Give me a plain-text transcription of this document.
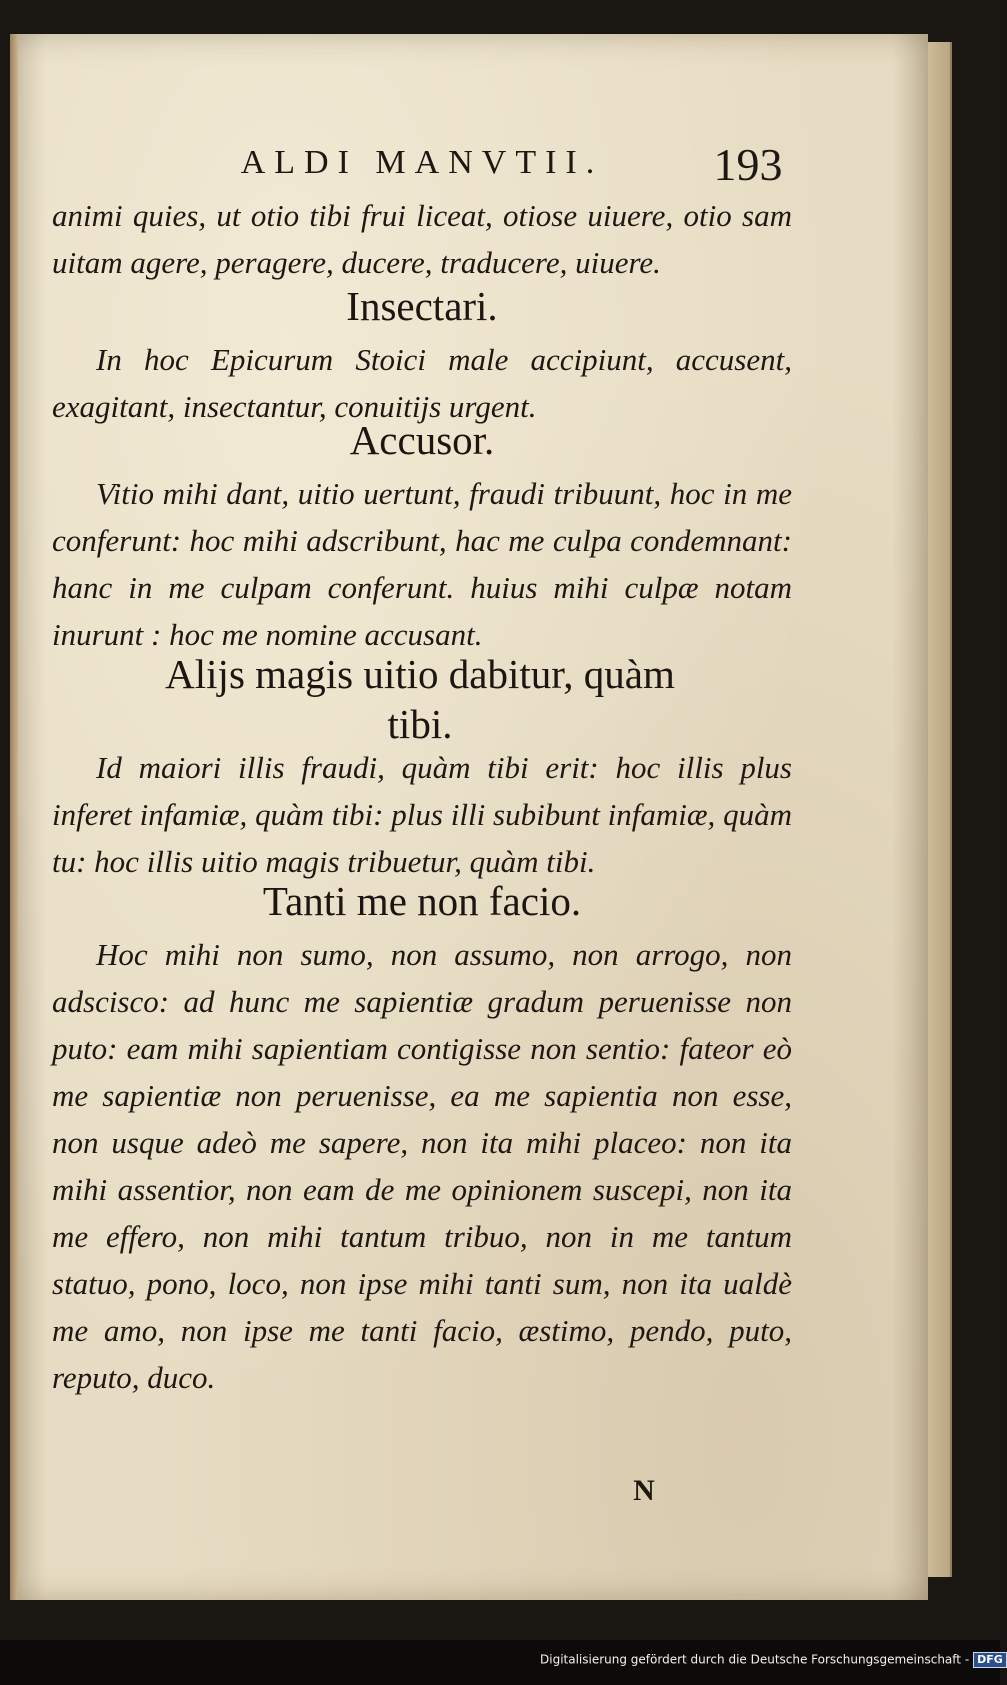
ALDI MANVTII.	193
animi quies, ut otio tibi frui liceat, otiose uiuere, otio sam uitam agere, peragere, ducere, traducere, uiuere.
Insectari.
In hoc Epicurum Stoici male accipiunt, accusent, exagitant, insectantur, conuitijs urgent.
Accusor.
Vitio mihi dant, uitio uertunt, fraudi tribuunt, hoc in me conferunt: hoc mihi adscribunt, hac me culpa condemnant: hanc in me culpam conferunt. huius mihi culpæ notam inurunt : hoc me nomine accusant.
Alijs magis uitio dabitur, quàm tibi.
Id maiori illis fraudi, quàm tibi erit: hoc illis plus inferet infamiæ, quàm tibi: plus illi subibunt infamiæ, quàm tu: hoc illis uitio magis tribuetur, quàm tibi.
Tanti me non facio.
Hoc mihi non sumo, non assumo, non arrogo, non adscisco: ad hunc me sapientiæ gradum peruenisse non puto: eam mihi sapientiam contigisse non sentio: fateor eò me sapientiæ non peruenisse, ea me sapientia non esse, non usque adeò me sapere, non ita mihi placeo: non ita mihi assentior, non eam de me opinionem suscepi, non ita me effero, non mihi tantum tribuo, non in me tantum statuo, pono, loco, non ipse mihi tanti sum, non ita ualdè me amo, non ipse me tanti facio, æstimo, pendo, puto, reputo, duco.
N
Digitalisierung gefördert durch die Deutsche Forschungsgemeinschaft - DFG
